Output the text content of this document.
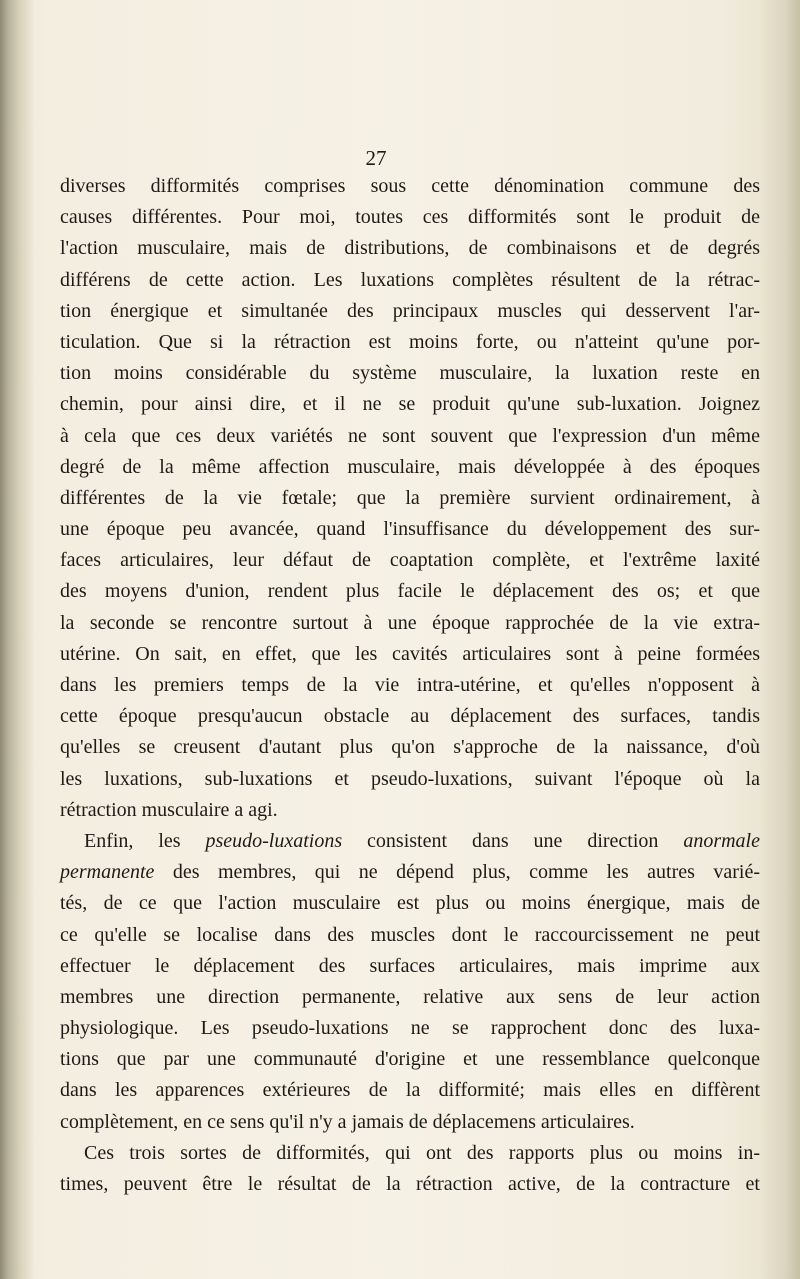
27
diverses difformités comprises sous cette dénomination commune des
causes différentes. Pour moi, toutes ces difformités sont le produit de
l'action musculaire, mais de distributions, de combinaisons et de degrés
différens de cette action. Les luxations complètes résultent de la rétrac-
tion énergique et simultanée des principaux muscles qui desservent l'ar-
ticulation. Que si la rétraction est moins forte, ou n'atteint qu'une por-
tion moins considérable du système musculaire, la luxation reste en
chemin, pour ainsi dire, et il ne se produit qu'une sub-luxation. Joignez
à cela que ces deux variétés ne sont souvent que l'expression d'un même
degré de la même affection musculaire, mais développée à des époques
différentes de la vie fœtale; que la première survient ordinairement, à
une époque peu avancée, quand l'insuffisance du développement des sur-
faces articulaires, leur défaut de coaptation complète, et l'extrême laxité
des moyens d'union, rendent plus facile le déplacement des os; et que
la seconde se rencontre surtout à une époque rapprochée de la vie extra-
utérine. On sait, en effet, que les cavités articulaires sont à peine formées
dans les premiers temps de la vie intra-utérine, et qu'elles n'opposent à
cette époque presqu'aucun obstacle au déplacement des surfaces, tandis
qu'elles se creusent d'autant plus qu'on s'approche de la naissance, d'où
les luxations, sub-luxations et pseudo-luxations, suivant l'époque où la
rétraction musculaire a agi.
Enfin, les pseudo-luxations consistent dans une direction anormale
permanente des membres, qui ne dépend plus, comme les autres varié-
tés, de ce que l'action musculaire est plus ou moins énergique, mais de
ce qu'elle se localise dans des muscles dont le raccourcissement ne peut
effectuer le déplacement des surfaces articulaires, mais imprime aux
membres une direction permanente, relative aux sens de leur action
physiologique. Les pseudo-luxations ne se rapprochent donc des luxa-
tions que par une communauté d'origine et une ressemblance quelconque
dans les apparences extérieures de la difformité; mais elles en diffèrent
complètement, en ce sens qu'il n'y a jamais de déplacemens articulaires.
Ces trois sortes de difformités, qui ont des rapports plus ou moins in-
times, peuvent être le résultat de la rétraction active, de la contracture et
